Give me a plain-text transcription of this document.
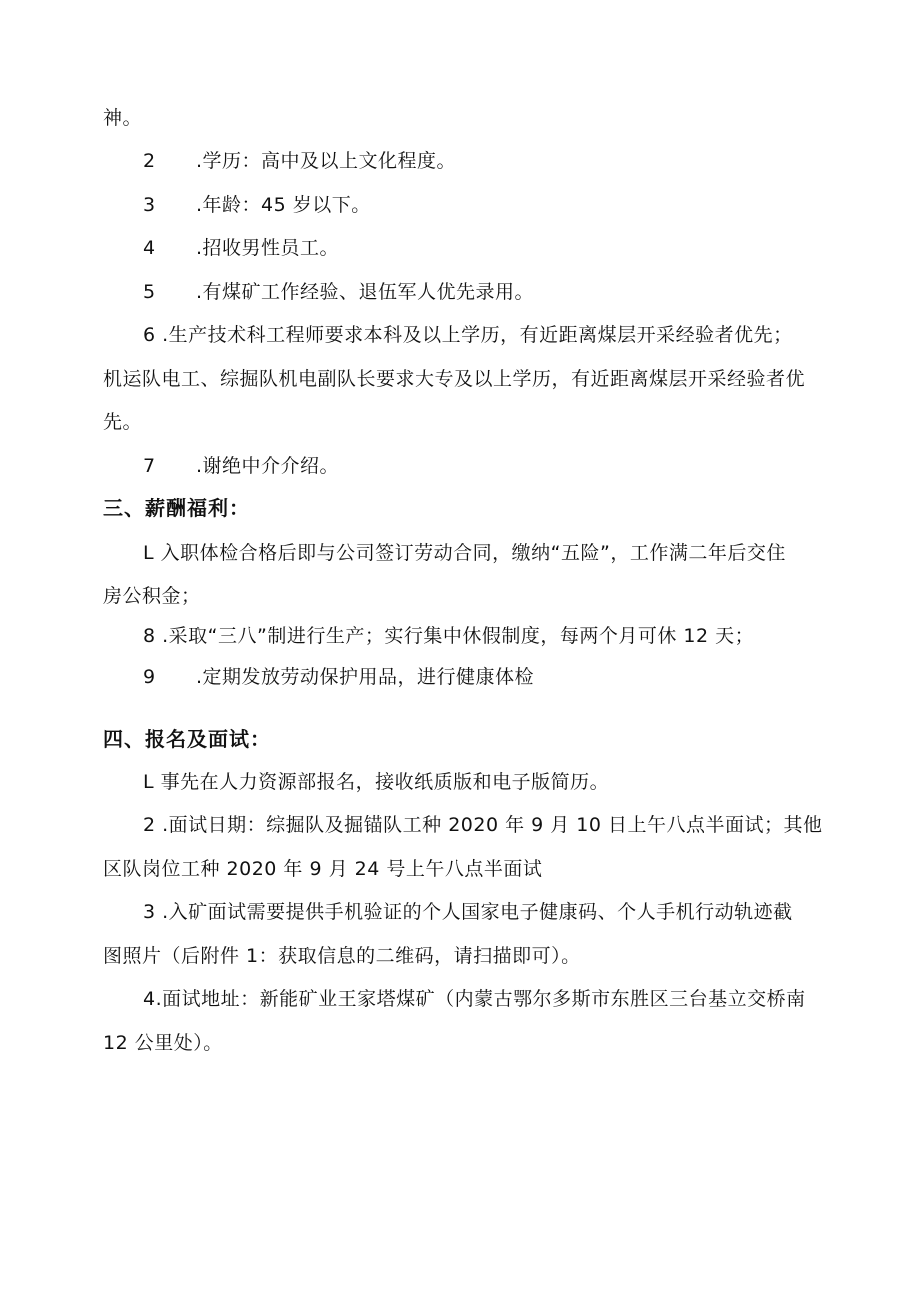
神。
2 .学历：高中及以上文化程度。
3 .年龄：45 岁以下。
4 .招收男性员工。
5 .有煤矿工作经验、退伍军人优先录用。
6 .生产技术科工程师要求本科及以上学历，有近距离煤层开采经验者优先；
机运队电工、综掘队机电副队长要求大专及以上学历，有近距离煤层开采经验者优
先。
7 .谢绝中介介绍。
三、薪酬福利：
L 入职体检合格后即与公司签订劳动合同，缴纳“五险”，工作满二年后交住
房公积金；
8 .采取“三八”制进行生产；实行集中休假制度，每两个月可休 12 天；
9 .定期发放劳动保护用品，进行健康体检
四、报名及面试：
L 事先在人力资源部报名，接收纸质版和电子版简历。
2 .面试日期：综掘队及掘锚队工种 2020 年 9 月 10 日上午八点半面试；其他
区队岗位工种 2020 年 9 月 24 号上午八点半面试
3 .入矿面试需要提供手机验证的个人国家电子健康码、个人手机行动轨迹截
图照片（后附件 1：获取信息的二维码，请扫描即可）。
4.面试地址：新能矿业王家塔煤矿（内蒙古鄂尔多斯市东胜区三台基立交桥南
12 公里处）。
